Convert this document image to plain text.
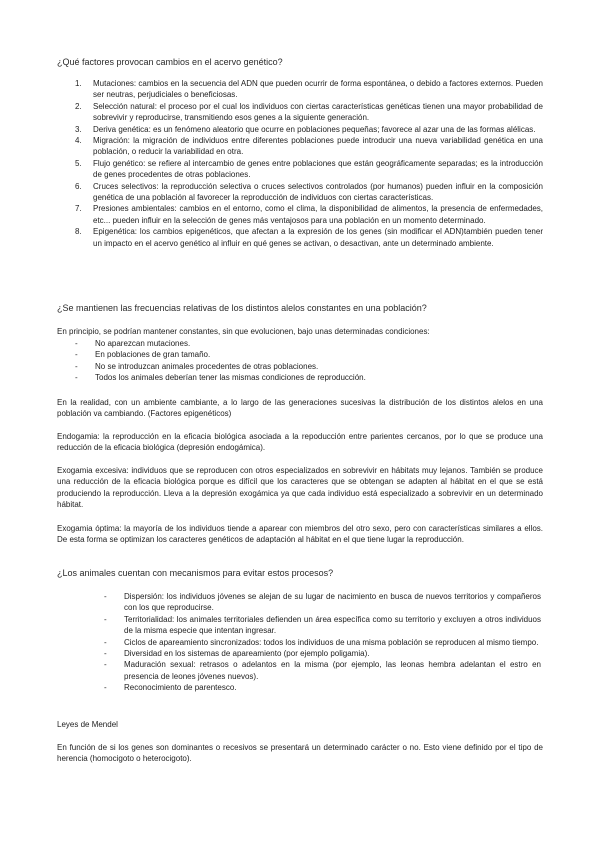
¿Qué factores provocan cambios en el acervo genético?

1. Mutaciones: cambios en la secuencia del ADN que pueden ocurrir de forma espontánea, o debido a factores externos. Pueden ser neutras, perjudiciales o beneficiosas.
2. Selección natural: el proceso por el cual los individuos con ciertas características genéticas tienen una mayor probabilidad de sobrevivir y reproducirse, transmitiendo esos genes a la siguiente generación.
3. Deriva genética: es un fenómeno aleatorio que ocurre en poblaciones pequeñas; favorece al azar una de las formas alélicas.
4. Migración: la migración de individuos entre diferentes poblaciones puede introducir una nueva variabilidad genética en una población, o reducir la variabilidad en otra.
5. Flujo genético: se refiere al intercambio de genes entre poblaciones que están geográficamente separadas; es la introducción de genes procedentes de otras poblaciones.
6. Cruces selectivos: la reproducción selectiva o cruces selectivos controlados (por humanos) pueden influir en la composición genética de una población al favorecer la reproducción de individuos con ciertas características.
7. Presiones ambientales: cambios en el entorno, como el clima, la disponibilidad de alimentos, la presencia de enfermedades, etc... pueden influir en la selección de genes más ventajosos para una población en un momento determinado.
8. Epigenética: los cambios epigenéticos, que afectan a la expresión de los genes (sin modificar el ADN)también pueden tener un impacto en el acervo genético al influir en qué genes se activan, o desactivan, ante un determinado ambiente.

¿Se mantienen las frecuencias relativas de los distintos alelos constantes en una población?

En principio, se podrían mantener constantes, sin que evolucionen, bajo unas determinadas condiciones:

- No aparezcan mutaciones.
- En poblaciones de gran tamaño.
- No se introduzcan animales procedentes de otras poblaciones.
- Todos los animales deberían tener las mismas condiciones de reproducción.

En la realidad, con un ambiente cambiante, a lo largo de las generaciones sucesivas la distribución de los distintos alelos en una población va cambiando. (Factores epigenéticos)

Endogamia: la reproducción en la eficacia biológica asociada a la repoducción entre parientes cercanos, por lo que se produce una reducción de la eficacia biológica (depresión endogámica).

Exogamia excesiva: individuos que se reproducen con otros especializados en sobrevivir en hábitats muy lejanos. También se produce una reducción de la eficacia biológica porque es difícil que los caracteres que se obtengan se adapten al hábitat en el que se está produciendo la reproducción. Lleva a la depresión exogámica ya que cada individuo está especializado a sobrevivir en un determinado hábitat.

Exogamia óptima: la mayoría de los individuos tiende a aparear con miembros del otro sexo, pero con características similares a ellos. De esta forma se optimizan los caracteres genéticos de adaptación al hábitat en el que tiene lugar la reproducción.

¿Los animales cuentan con mecanismos para evitar estos procesos?

- Dispersión: los individuos jóvenes se alejan de su lugar de nacimiento en busca de nuevos territorios y compañeros con los que reproducirse.
- Territorialidad: los animales territoriales defienden un área específica como su territorio y excluyen a otros individuos de la misma especie que intentan ingresar.
- Ciclos de apareamiento sincronizados: todos los individuos de una misma población se reproducen al mismo tiempo.
- Diversidad en los sistemas de apareamiento (por ejemplo poligamia).
- Maduración sexual: retrasos o adelantos en la misma (por ejemplo, las leonas hembra adelantan el estro en presencia de leones jóvenes nuevos).
- Reconocimiento de parentesco.

Leyes de Mendel

En función de si los genes son dominantes o recesivos se presentará un determinado carácter o no. Esto viene definido por el tipo de herencia (homocigoto o heterocigoto).
